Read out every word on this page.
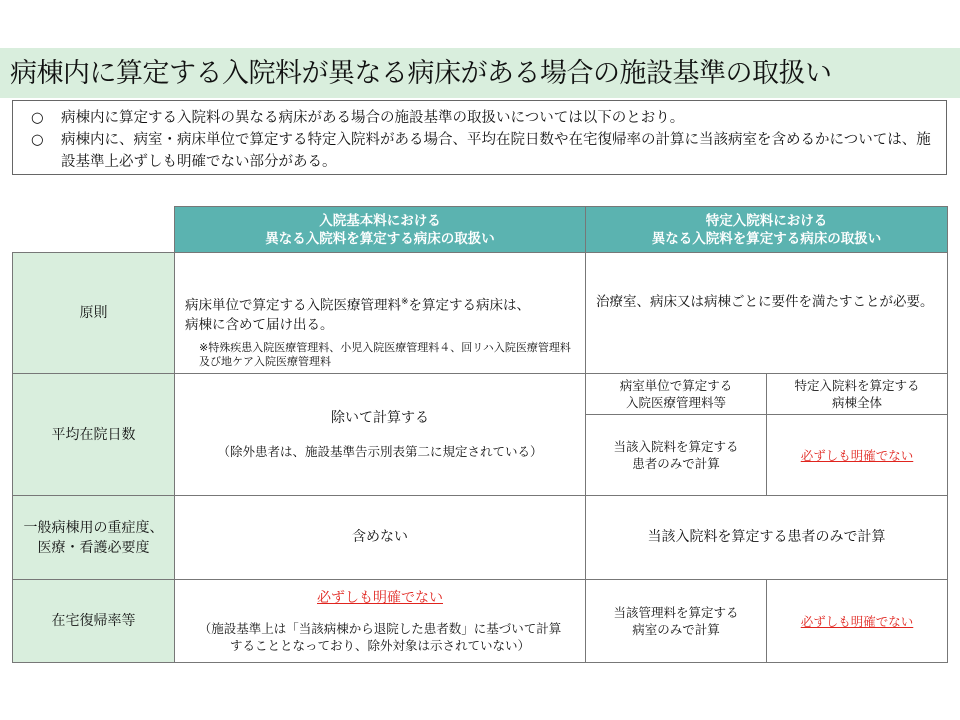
病棟内に算定する入院料が異なる病床がある場合の施設基準の取扱い
○ 病棟内に算定する入院料の異なる病床がある場合の施設基準の取扱いについては以下のとおり。
○ 病棟内に、病室・病床単位で算定する特定入院料がある場合、平均在院日数や在宅復帰率の計算に当該病室を含めるかについては、施設基準上必ずしも明確でない部分がある。
入院基本料における
異なる入院料を算定する病床の取扱い
特定入院料における
異なる入院料を算定する病床の取扱い
原則	病床単位で算定する入院医療管理料※を算定する病床は、
病棟に含めて届け出る。
※特殊疾患入院医療管理料、小児入院医療管理料４、回リハ入院医療管理料及び地ケア入院医療管理料
治療室、病床又は病棟ごとに要件を満たすことが必要。
平均在院日数
除いて計算する
（除外患者は、施設基準告示別表第二に規定されている）
病室単位で算定する
入院医療管理料等
特定入院料を算定する
病棟全体
当該入院料を算定する
患者のみで計算
必ずしも明確でない
一般病棟用の重症度、
医療・看護必要度
含めない	当該入院料を算定する患者のみで計算
在宅復帰率等
必ずしも明確でない
（施設基準上は「当該病棟から退院した患者数」に基づいて計算
することとなっており、除外対象は示されていない）
当該管理料を算定する
病室のみで計算
必ずしも明確でない
